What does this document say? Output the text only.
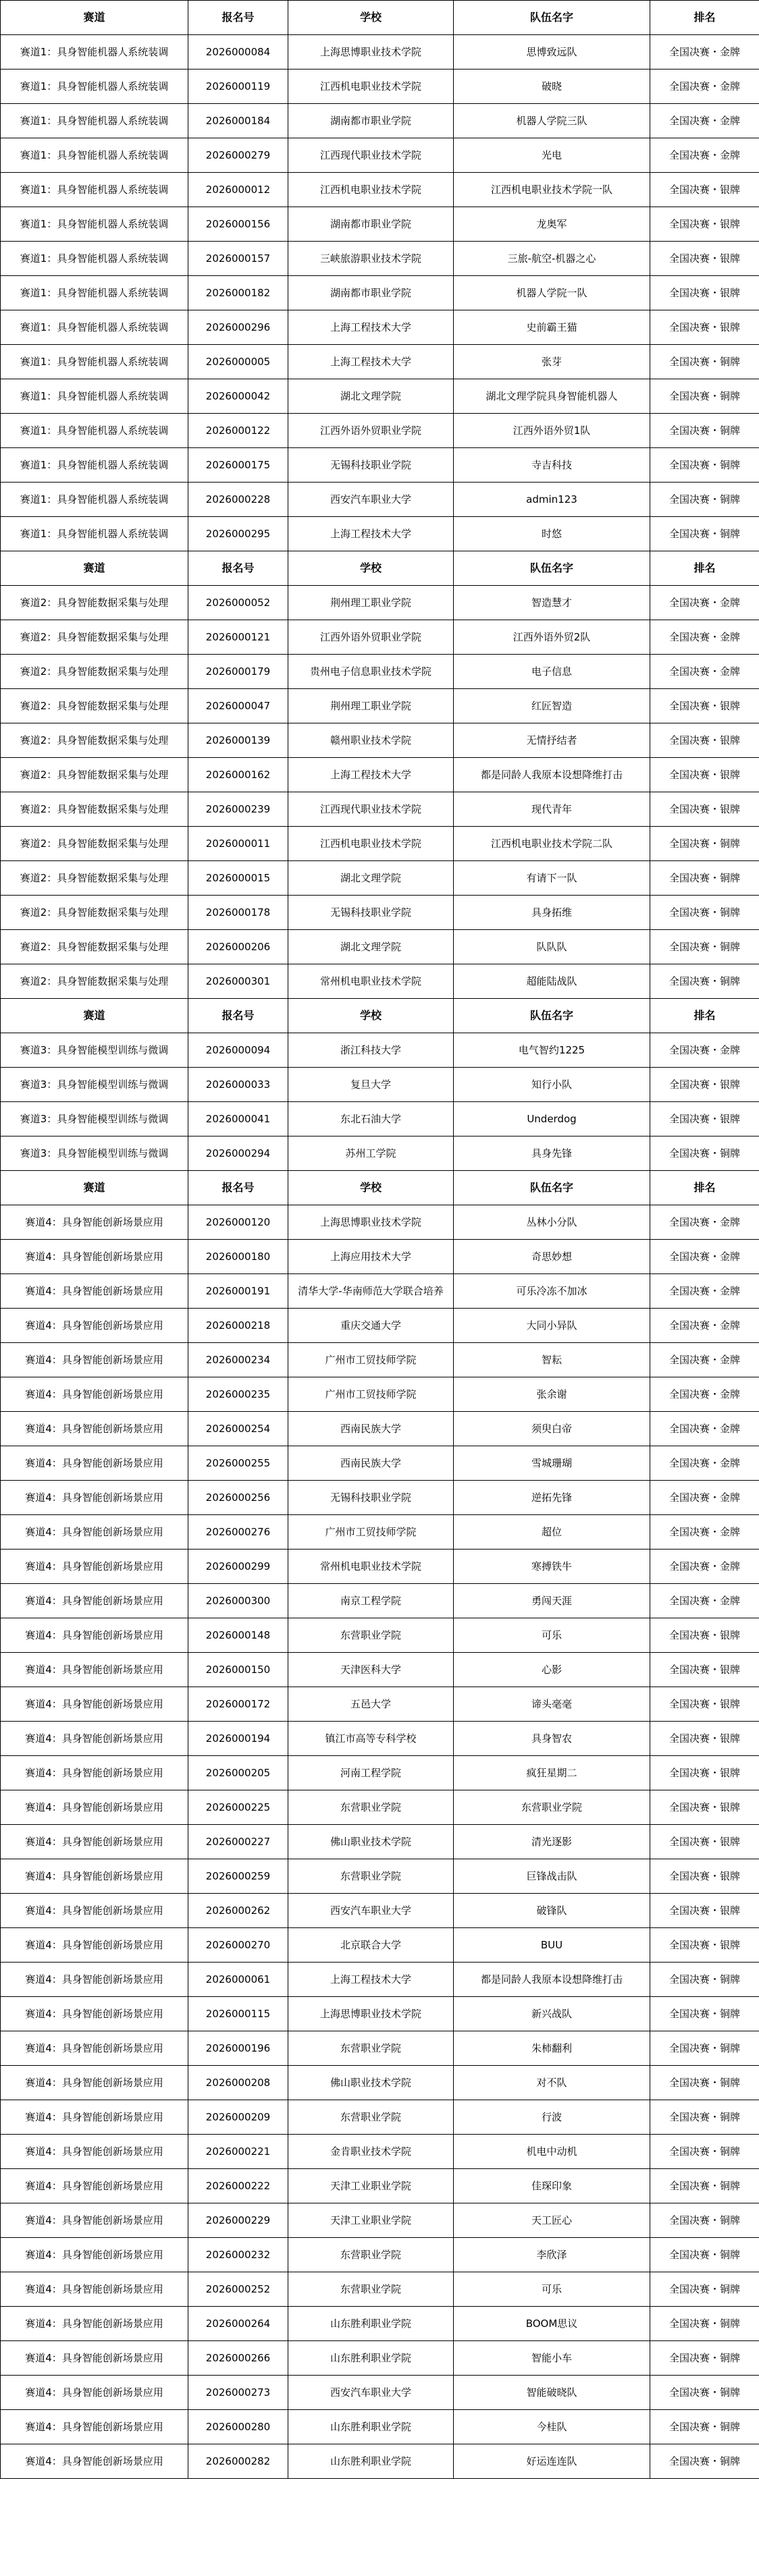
赛道	报名号	学校	队伍名字	排名
赛道1：具身智能机器人系统装调	2026000084	上海思博职业技术学院	思博致远队	全国决赛・金牌
赛道1：具身智能机器人系统装调	2026000119	江西机电职业技术学院	破晓	全国决赛・金牌
赛道1：具身智能机器人系统装调	2026000184	湖南都市职业学院	机器人学院三队	全国决赛・金牌
赛道1：具身智能机器人系统装调	2026000279	江西现代职业技术学院	光电	全国决赛・金牌
赛道1：具身智能机器人系统装调	2026000012	江西机电职业技术学院	江西机电职业技术学院一队	全国决赛・银牌
赛道1：具身智能机器人系统装调	2026000156	湖南都市职业学院	龙奥军	全国决赛・银牌
赛道1：具身智能机器人系统装调	2026000157	三峡旅游职业技术学院	三旅-航空-机器之心	全国决赛・银牌
赛道1：具身智能机器人系统装调	2026000182	湖南都市职业学院	机器人学院一队	全国决赛・银牌
赛道1：具身智能机器人系统装调	2026000296	上海工程技术大学	史前霸王猫	全国决赛・银牌
赛道1：具身智能机器人系统装调	2026000005	上海工程技术大学	张芽	全国决赛・铜牌
赛道1：具身智能机器人系统装调	2026000042	湖北文理学院	湖北文理学院具身智能机器人	全国决赛・铜牌
赛道1：具身智能机器人系统装调	2026000122	江西外语外贸职业学院	江西外语外贸1队	全国决赛・铜牌
赛道1：具身智能机器人系统装调	2026000175	无锡科技职业学院	寺吉科技	全国决赛・铜牌
赛道1：具身智能机器人系统装调	2026000228	西安汽车职业大学	admin123	全国决赛・铜牌
赛道1：具身智能机器人系统装调	2026000295	上海工程技术大学	时悠	全国决赛・铜牌
赛道	报名号	学校	队伍名字	排名
赛道2：具身智能数据采集与处理	2026000052	荆州理工职业学院	智造慧才	全国决赛・金牌
赛道2：具身智能数据采集与处理	2026000121	江西外语外贸职业学院	江西外语外贸2队	全国决赛・金牌
赛道2：具身智能数据采集与处理	2026000179	贵州电子信息职业技术学院	电子信息	全国决赛・金牌
赛道2：具身智能数据采集与处理	2026000047	荆州理工职业学院	红匠智造	全国决赛・银牌
赛道2：具身智能数据采集与处理	2026000139	赣州职业技术学院	无情抒结者	全国决赛・银牌
赛道2：具身智能数据采集与处理	2026000162	上海工程技术大学	都是同龄人我原本设想降维打击	全国决赛・银牌
赛道2：具身智能数据采集与处理	2026000239	江西现代职业技术学院	现代青年	全国决赛・银牌
赛道2：具身智能数据采集与处理	2026000011	江西机电职业技术学院	江西机电职业技术学院二队	全国决赛・铜牌
赛道2：具身智能数据采集与处理	2026000015	湖北文理学院	有请下一队	全国决赛・铜牌
赛道2：具身智能数据采集与处理	2026000178	无锡科技职业学院	具身拓维	全国决赛・铜牌
赛道2：具身智能数据采集与处理	2026000206	湖北文理学院	队队队	全国决赛・铜牌
赛道2：具身智能数据采集与处理	2026000301	常州机电职业技术学院	超能陆战队	全国决赛・铜牌
赛道	报名号	学校	队伍名字	排名
赛道3：具身智能模型训练与微调	2026000094	浙江科技大学	电气智约1225	全国决赛・金牌
赛道3：具身智能模型训练与微调	2026000033	复旦大学	知行小队	全国决赛・银牌
赛道3：具身智能模型训练与微调	2026000041	东北石油大学	Underdog	全国决赛・银牌
赛道3：具身智能模型训练与微调	2026000294	苏州工学院	具身先锋	全国决赛・铜牌
赛道	报名号	学校	队伍名字	排名
赛道4：具身智能创新场景应用	2026000120	上海思博职业技术学院	丛林小分队	全国决赛・金牌
赛道4：具身智能创新场景应用	2026000180	上海应用技术大学	奇思妙想	全国决赛・金牌
赛道4：具身智能创新场景应用	2026000191	清华大学-华南师范大学联合培养	可乐冷冻不加冰	全国决赛・金牌
赛道4：具身智能创新场景应用	2026000218	重庆交通大学	大同小异队	全国决赛・金牌
赛道4：具身智能创新场景应用	2026000234	广州市工贸技师学院	智耘	全国决赛・金牌
赛道4：具身智能创新场景应用	2026000235	广州市工贸技师学院	张余谢	全国决赛・金牌
赛道4：具身智能创新场景应用	2026000254	西南民族大学	须臾白帝	全国决赛・金牌
赛道4：具身智能创新场景应用	2026000255	西南民族大学	雪城珊瑚	全国决赛・金牌
赛道4：具身智能创新场景应用	2026000256	无锡科技职业学院	逆拓先锋	全国决赛・金牌
赛道4：具身智能创新场景应用	2026000276	广州市工贸技师学院	超位	全国决赛・金牌
赛道4：具身智能创新场景应用	2026000299	常州机电职业技术学院	寒搏铁牛	全国决赛・金牌
赛道4：具身智能创新场景应用	2026000300	南京工程学院	勇闯天涯	全国决赛・金牌
赛道4：具身智能创新场景应用	2026000148	东营职业学院	可乐	全国决赛・银牌
赛道4：具身智能创新场景应用	2026000150	天津医科大学	心影	全国决赛・银牌
赛道4：具身智能创新场景应用	2026000172	五邑大学	谛头毫毫	全国决赛・银牌
赛道4：具身智能创新场景应用	2026000194	镇江市高等专科学校	具身智农	全国决赛・银牌
赛道4：具身智能创新场景应用	2026000205	河南工程学院	疯狂星期二	全国决赛・银牌
赛道4：具身智能创新场景应用	2026000225	东营职业学院	东营职业学院	全国决赛・银牌
赛道4：具身智能创新场景应用	2026000227	佛山职业技术学院	清光逐影	全国决赛・银牌
赛道4：具身智能创新场景应用	2026000259	东营职业学院	巨锋战击队	全国决赛・银牌
赛道4：具身智能创新场景应用	2026000262	西安汽车职业大学	破锋队	全国决赛・银牌
赛道4：具身智能创新场景应用	2026000270	北京联合大学	BUU	全国决赛・银牌
赛道4：具身智能创新场景应用	2026000061	上海工程技术大学	都是同龄人我原本设想降维打击	全国决赛・铜牌
赛道4：具身智能创新场景应用	2026000115	上海思博职业技术学院	新兴战队	全国决赛・铜牌
赛道4：具身智能创新场景应用	2026000196	东营职业学院	朱柿翻利	全国决赛・铜牌
赛道4：具身智能创新场景应用	2026000208	佛山职业技术学院	对不队	全国决赛・铜牌
赛道4：具身智能创新场景应用	2026000209	东营职业学院	行波	全国决赛・铜牌
赛道4：具身智能创新场景应用	2026000221	金肯职业技术学院	机电中动机	全国决赛・铜牌
赛道4：具身智能创新场景应用	2026000222	天津工业职业学院	佳琛印象	全国决赛・铜牌
赛道4：具身智能创新场景应用	2026000229	天津工业职业学院	天工匠心	全国决赛・铜牌
赛道4：具身智能创新场景应用	2026000232	东营职业学院	李欣泽	全国决赛・铜牌
赛道4：具身智能创新场景应用	2026000252	东营职业学院	可乐	全国决赛・铜牌
赛道4：具身智能创新场景应用	2026000264	山东胜利职业学院	BOOM思议	全国决赛・铜牌
赛道4：具身智能创新场景应用	2026000266	山东胜利职业学院	智能小车	全国决赛・铜牌
赛道4：具身智能创新场景应用	2026000273	西安汽车职业大学	智能破晓队	全国决赛・铜牌
赛道4：具身智能创新场景应用	2026000280	山东胜利职业学院	今桂队	全国决赛・铜牌
赛道4：具身智能创新场景应用	2026000282	山东胜利职业学院	好运连连队	全国决赛・铜牌
